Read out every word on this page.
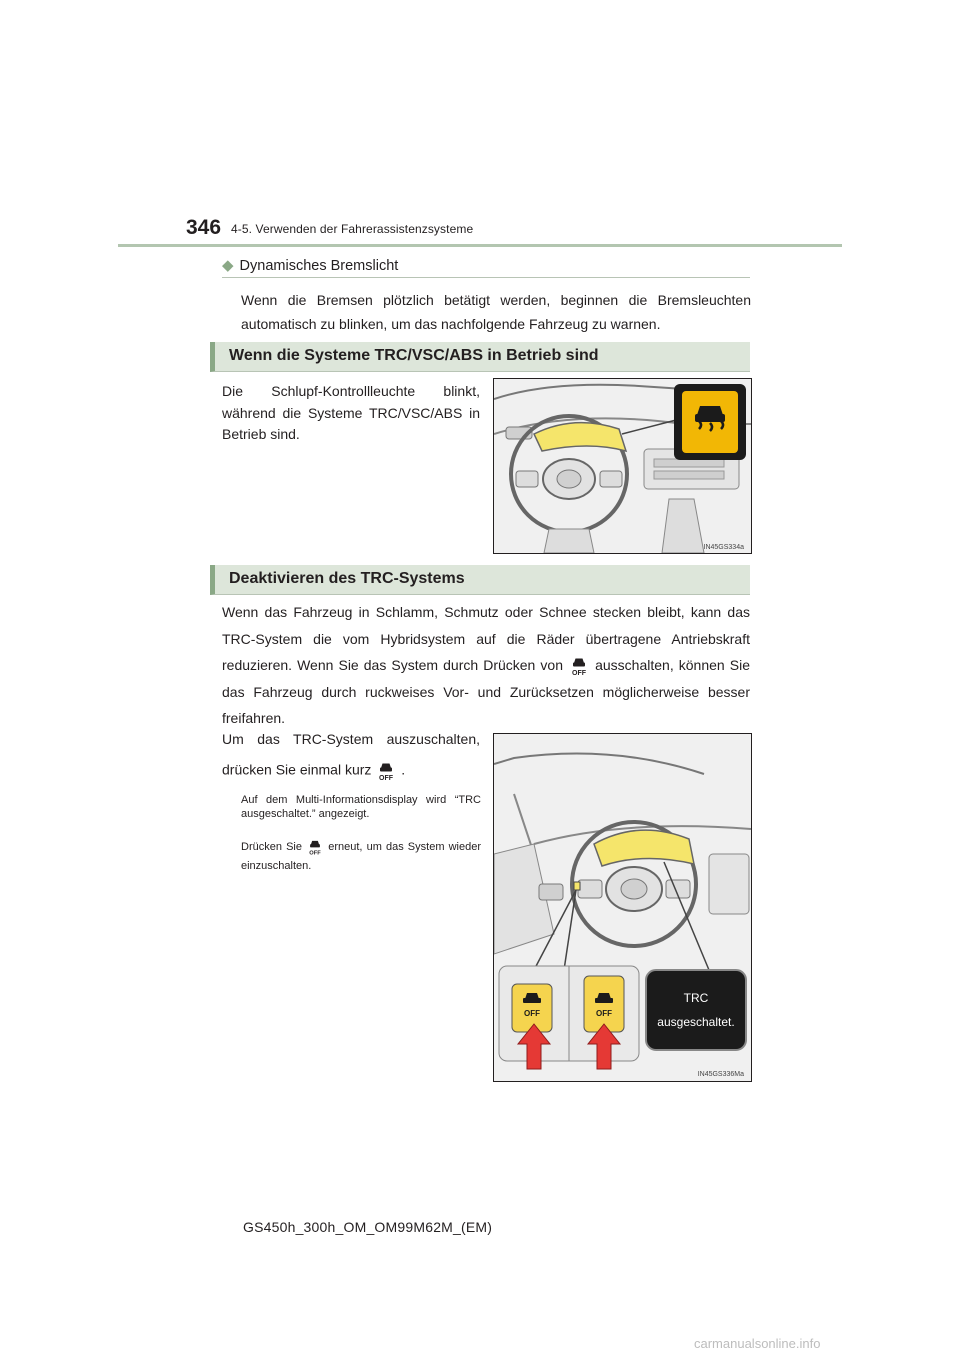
346 4-5. Verwenden der Fahrerassistenzsysteme
◆ Dynamisches Bremslicht
Wenn die Bremsen plötzlich betätigt werden, beginnen die Bremsleuchten automatisch zu blinken, um das nachfolgende Fahrzeug zu warnen.
Wenn die Systeme TRC/VSC/ABS in Betrieb sind
Die Schlupf-Kontrollleuchte blinkt, während die Systeme TRC/VSC/ABS in Betrieb sind.
IN45GS334a
Deaktivieren des TRC-Systems
Wenn das Fahrzeug in Schlamm, Schmutz oder Schnee stecken bleibt, kann das TRC-System die vom Hybridsystem auf die Räder übertragene Antriebskraft reduzieren. Wenn Sie das System durch Drücken von
OFF
ausschalten, können Sie das Fahrzeug durch ruckweises Vor- und Zurücksetzen möglicherweise besser freifahren.
Um das TRC-System auszuschalten,
drücken Sie einmal kurz
OFF
.
Auf dem Multi-Informationsdisplay wird “TRC ausgeschaltet.” angezeigt.
Drücken Sie
OFF
erneut, um das System wieder einzuschalten.
OFF	OFF
TRC
ausgeschaltet.
IN45GS336Ma
GS450h_300h_OM_OM99M62M_(EM)
carmanualsonline.info
